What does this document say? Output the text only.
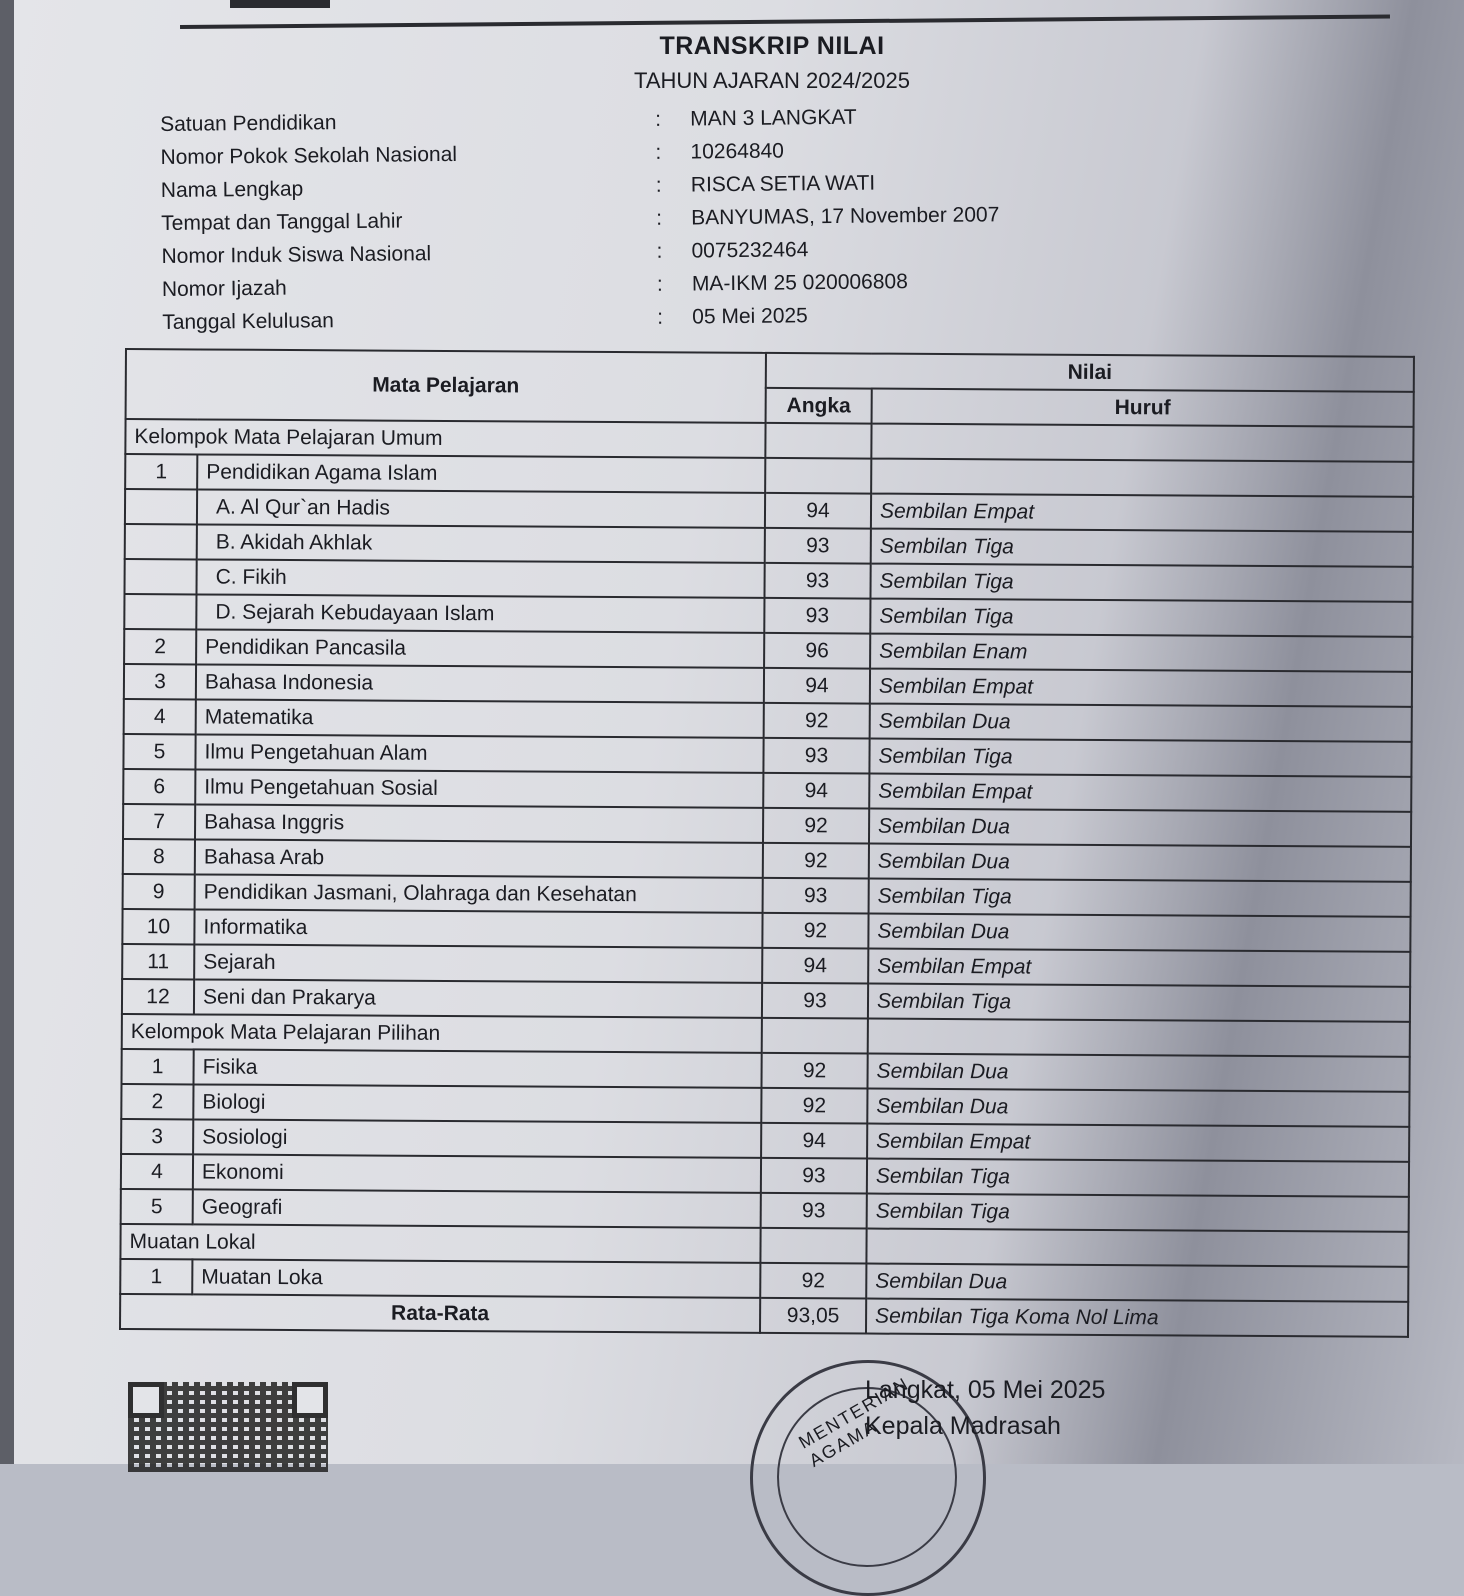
TRANSKRIP NILAI
TAHUN AJARAN 2024/2025
Satuan Pendidikan	:	MAN 3 LANGKAT
Nomor Pokok Sekolah Nasional	:	10264840
Nama Lengkap	:	RISCA SETIA WATI
Tempat dan Tanggal Lahir	:	BANYUMAS, 17 November 2007
Nomor Induk Siswa Nasional	:	0075232464
Nomor Ijazah	:	MA-IKM 25 020006808
Tanggal Kelulusan	:	05 Mei 2025
Mata Pelajaran		Nilai	
		Angka	Huruf
Kelompok Mata Pelajaran Umum			
1	Pendidikan Agama Islam		
	A. Al Qur`an Hadis	94	Sembilan Empat
	B. Akidah Akhlak	93	Sembilan Tiga
	C. Fikih	93	Sembilan Tiga
	D. Sejarah Kebudayaan Islam	93	Sembilan Tiga
2	Pendidikan Pancasila	96	Sembilan Enam
3	Bahasa Indonesia	94	Sembilan Empat
4	Matematika	92	Sembilan Dua
5	Ilmu Pengetahuan Alam	93	Sembilan Tiga
6	Ilmu Pengetahuan Sosial	94	Sembilan Empat
7	Bahasa Inggris	92	Sembilan Dua
8	Bahasa Arab	92	Sembilan Dua
9	Pendidikan Jasmani, Olahraga dan Kesehatan	93	Sembilan Tiga
10	Informatika	92	Sembilan Dua
11	Sejarah	94	Sembilan Empat
12	Seni dan Prakarya	93	Sembilan Tiga
Kelompok Mata Pelajaran Pilihan			
1	Fisika	92	Sembilan Dua
2	Biologi	92	Sembilan Dua
3	Sosiologi	94	Sembilan Empat
4	Ekonomi	93	Sembilan Tiga
5	Geografi	93	Sembilan Tiga
Muatan Lokal			
1	Muatan Loka	92	Sembilan Dua
Rata-Rata		93,05	Sembilan Tiga Koma Nol Lima
MENTERIAN AGAMA
Langkat, 05 Mei 2025
Kepala Madrasah
